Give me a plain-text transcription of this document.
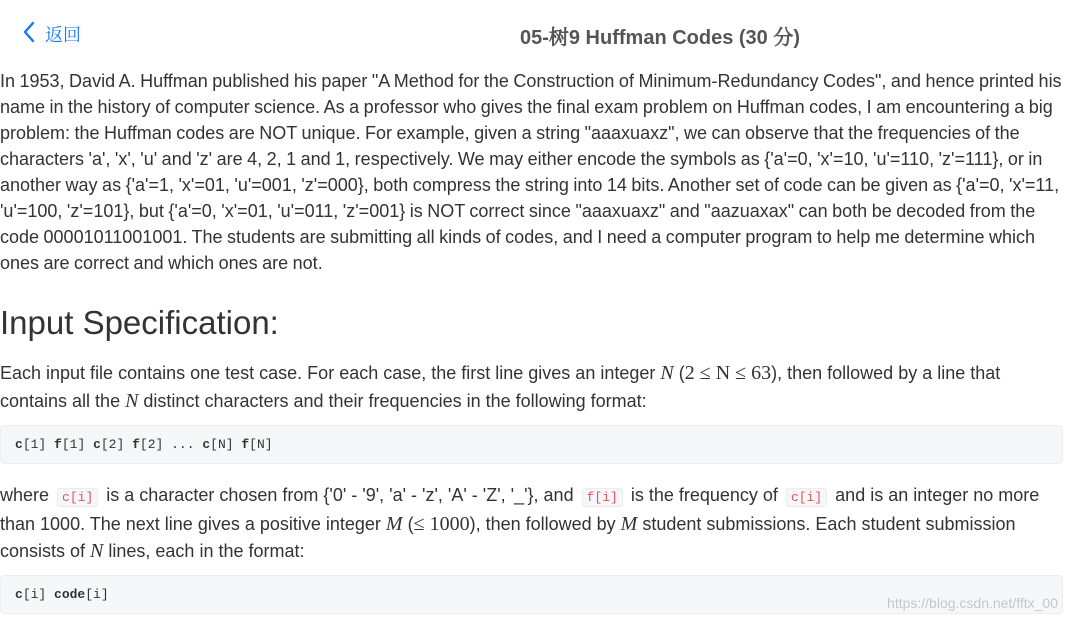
返回	05-树9 Huffman Codes (30 分)

In 1953, David A. Huffman published his paper "A Method for the Construction of Minimum-Redundancy Codes", and hence printed his name in the history of computer science. As a professor who gives the final exam problem on Huffman codes, I am encountering a big problem: the Huffman codes are NOT unique. For example, given a string "aaaxuaxz", we can observe that the frequencies of the characters 'a', 'x', 'u' and 'z' are 4, 2, 1 and 1, respectively. We may either encode the symbols as {'a'=0, 'x'=10, 'u'=110, 'z'=111}, or in another way as {'a'=1, 'x'=01, 'u'=001, 'z'=000}, both compress the string into 14 bits. Another set of code can be given as {'a'=0, 'x'=11, 'u'=100, 'z'=101}, but {'a'=0, 'x'=01, 'u'=011, 'z'=001} is NOT correct since "aaaxuaxz" and "aazuaxax" can both be decoded from the code 00001011001001. The students are submitting all kinds of codes, and I need a computer program to help me determine which ones are correct and which ones are not.

Input Specification:

Each input file contains one test case. For each case, the first line gives an integer N (2 ≤ N ≤ 63), then followed by a line that contains all the N distinct characters and their frequencies in the following format:

c[1] f[1] c[2] f[2] ... c[N] f[N]

where c[i] is a character chosen from {'0' - '9', 'a' - 'z', 'A' - 'Z', '_'}, and f[i] is the frequency of c[i] and is an integer no more than 1000. The next line gives a positive integer M (≤ 1000), then followed by M student submissions. Each student submission consists of N lines, each in the format:

c[i] code[i]
https://blog.csdn.net/fftx_00
